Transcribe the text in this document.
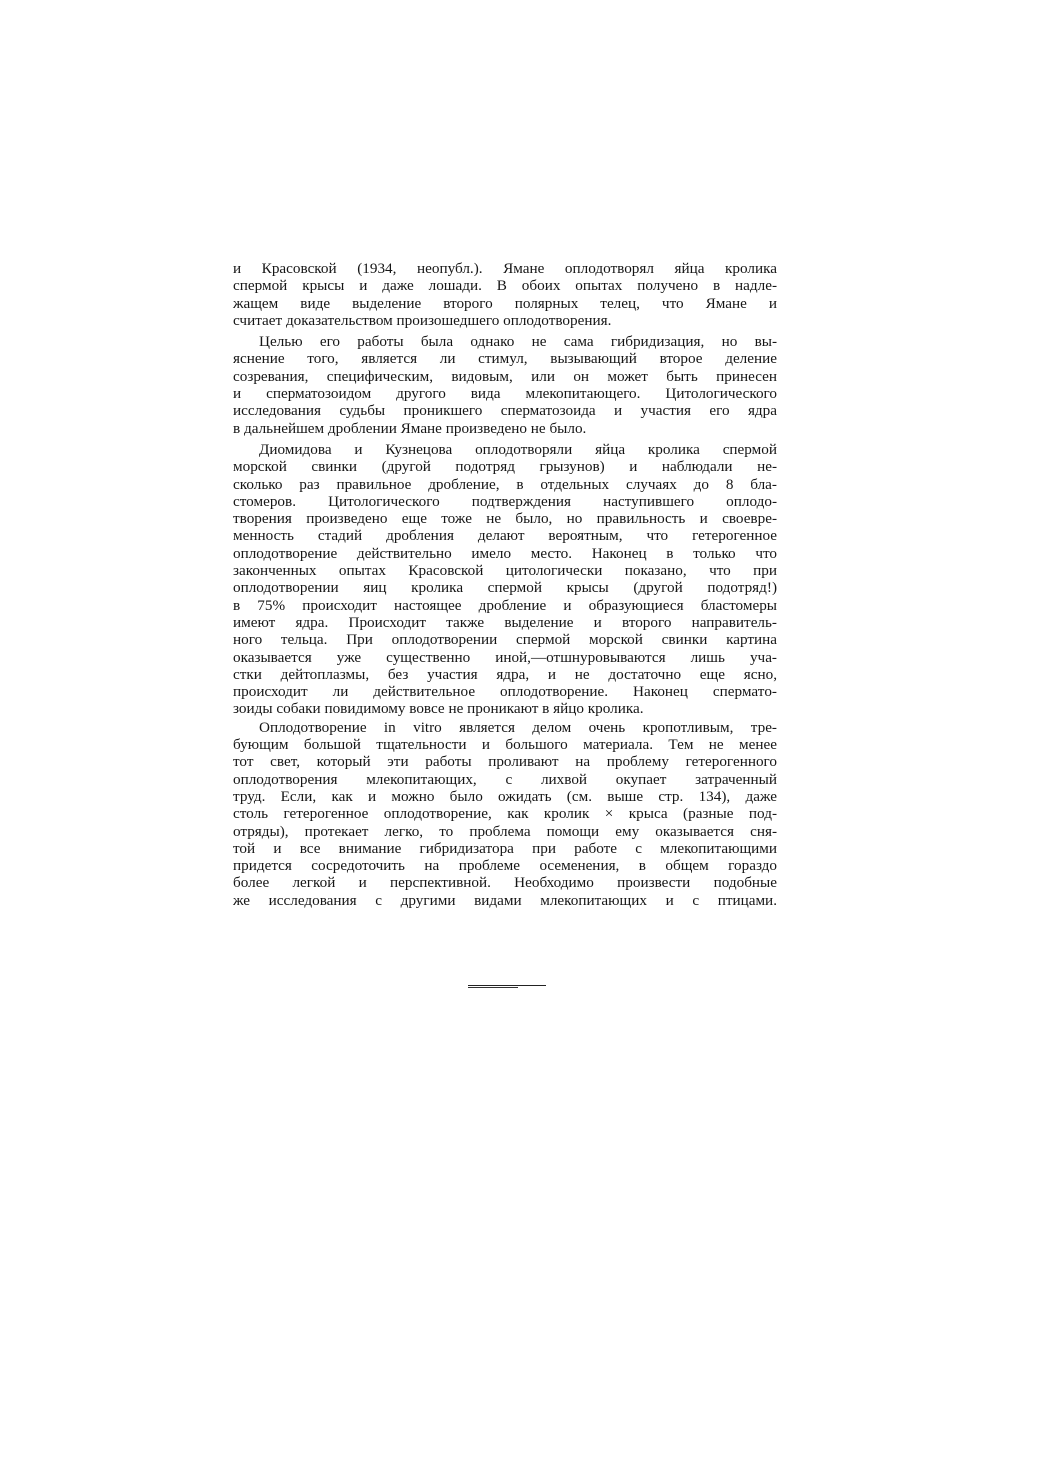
и Красовской (1934, неопубл.). Ямане оплодотворял яйца кролика
спермой крысы и даже лошади. В обоих опытах получено в надле-
жащем виде выделение второго полярных телец, что Ямане и
считает доказательством произошедшего оплодотворения.
Целью его работы была однако не сама гибридизация, но вы-
яснение того, является ли стимул, вызывающий второе деление
созревания, специфическим, видовым, или он может быть принесен
и сперматозоидом другого вида млекопитающего. Цитологического
исследования судьбы проникшего сперматозоида и участия его ядра
в дальнейшем дроблении Ямане произведено не было.
Диомидова и Кузнецова оплодотворяли яйца кролика спермой
морской свинки (другой подотряд грызунов) и наблюдали не-
сколько раз правильное дробление, в отдельных случаях до 8 бла-
стомеров. Цитологического подтверждения наступившего оплодо-
творения произведено еще тоже не было, но правильность и своевре-
менность стадий дробления делают вероятным, что гетерогенное
оплодотворение действительно имело место. Наконец в только что
законченных опытах Красовской цитологически показано, что при
оплодотворении яиц кролика спермой крысы (другой подотряд!)
в 75% происходит настоящее дробление и образующиеся бластомеры
имеют ядра. Происходит также выделение и второго направитель-
ного тельца. При оплодотворении спермой морской свинки картина
оказывается уже существенно иной,—отшнуровываются лишь уча-
стки дейтоплазмы, без участия ядра, и не достаточно еще ясно,
происходит ли действительное оплодотворение. Наконец сперматo-
зоиды собаки повидимому вовсе не проникают в яйцо кролика.
Оплодотворение in vitro является делом очень кропотливым, тре-
бующим большой тщательности и большого материала. Тем не менее
тот свет, который эти работы проливают на проблему гетерогенного
оплодотворения млекопитающих, с лихвой окупает затраченный
труд. Если, как и можно было ожидать (см. выше стр. 134), даже
столь гетерогенное оплодотворение, как кролик × крыса (разные под-
отряды), протекает легко, то проблема помощи ему оказывается сня-
той и все внимание гибридизатора при работе с млекопитающими
придется сосредоточить на проблеме осеменения, в общем гораздо
более легкой и перспективной. Необходимо произвести подобные
же исследования с другими видами млекопитающих и с птицами.
